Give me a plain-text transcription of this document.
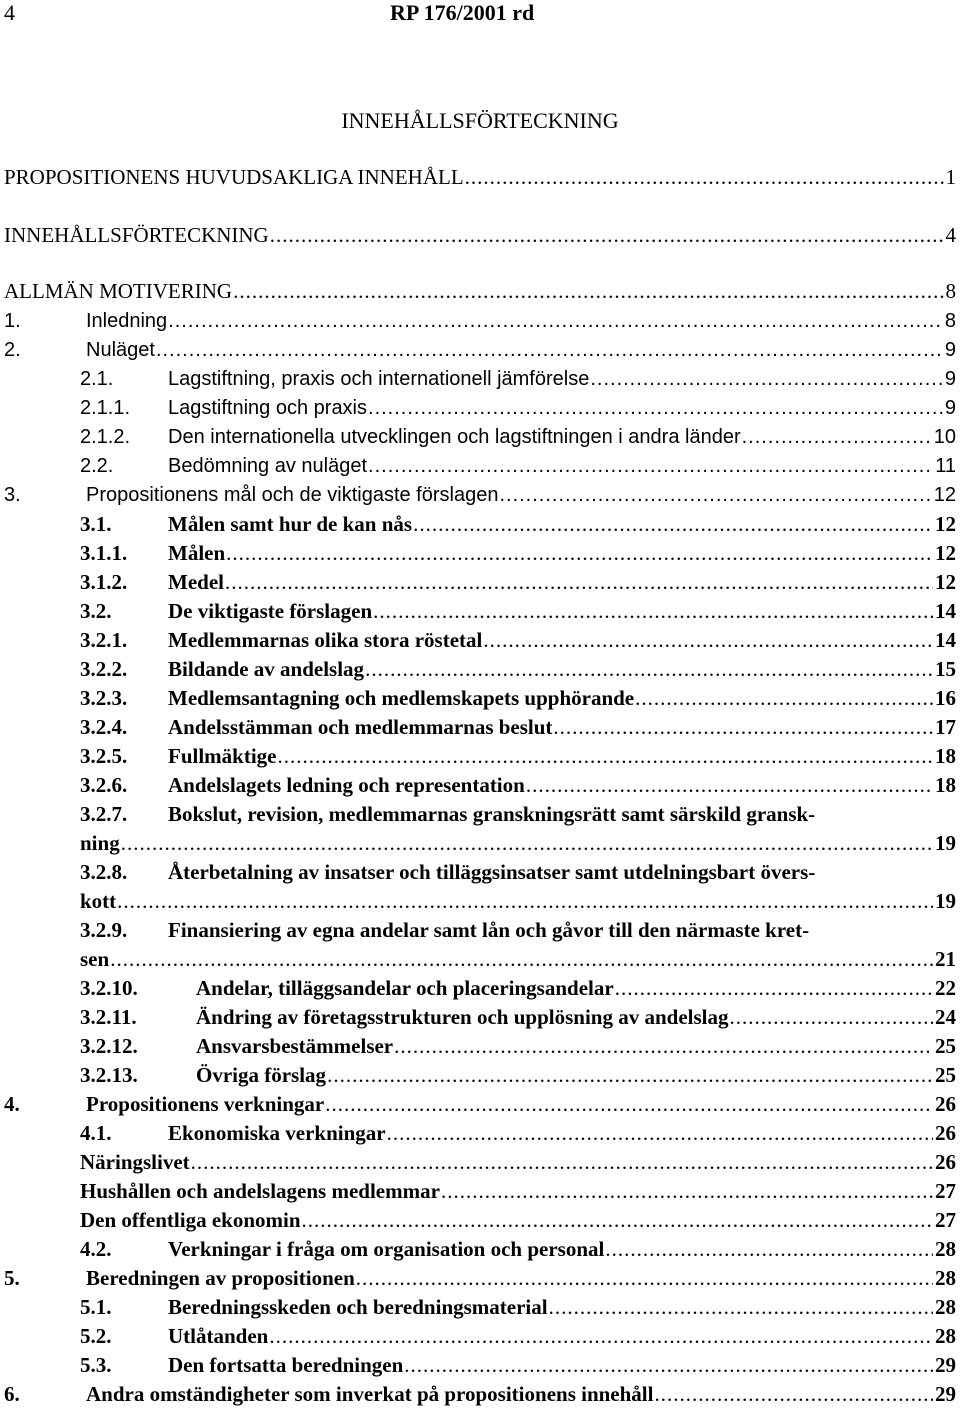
4	RP 176/2001 rd
INNEHÅLLSFÖRTECKNING
PROPOSITIONENS HUVUDSAKLIGA INNEHÅLL .....	1
INNEHÅLLSFÖRTECKNING .....	4
ALLMÄN MOTIVERING .....	8
1.	Inledning .....	8
2.	Nuläget .....	9
2.1.	Lagstiftning, praxis och internationell jämförelse .....	9
2.1.1.	Lagstiftning och praxis .....	9
2.1.2.	Den internationella utvecklingen och lagstiftningen i andra länder .....	10
2.2.	Bedömning av nuläget .....	11
3.	Propositionens mål och de viktigaste förslagen .....	12
3.1.	Målen samt hur de kan nås .....	12
3.1.1.	Målen .....	12
3.1.2.	Medel .....	12
3.2.	De viktigaste förslagen .....	14
3.2.1.	Medlemmarnas olika stora röstetal .....	14
3.2.2.	Bildande av andelslag .....	15
3.2.3.	Medlemsantagning och medlemskapets upphörande .....	16
3.2.4.	Andelsstämman och medlemmarnas beslut .....	17
3.2.5.	Fullmäktige .....	18
3.2.6.	Andelslagets ledning och representation .....	18
3.2.7. Bokslut, revision, medlemmarnas granskningsrätt samt särskild gransk-
ning .....	19
3.2.8. Återbetalning av insatser och tilläggsinsatser samt utdelningsbart övers-
kott .....	19
3.2.9. Finansiering av egna andelar samt lån och gåvor till den närmaste kret-
sen .....	21
3.2.10.	Andelar, tilläggsandelar och placeringsandelar .....	22
3.2.11.	Ändring av företagsstrukturen och upplösning av andelslag .....	24
3.2.12.	Ansvarsbestämmelser .....	25
3.2.13.	Övriga förslag .....	25
4.	Propositionens verkningar .....	26
4.1.	Ekonomiska verkningar .....	26
Näringslivet .....	26
Hushållen och andelslagens medlemmar .....	27
Den offentliga ekonomin .....	27
4.2.	Verkningar i fråga om organisation och personal .....	28
5.	Beredningen av propositionen .....	28
5.1.	Beredningsskeden och beredningsmaterial .....	28
5.2.	Utlåtanden .....	28
5.3.	Den fortsatta beredningen .....	29
6.	Andra omständigheter som inverkat på propositionens innehåll .....	29
